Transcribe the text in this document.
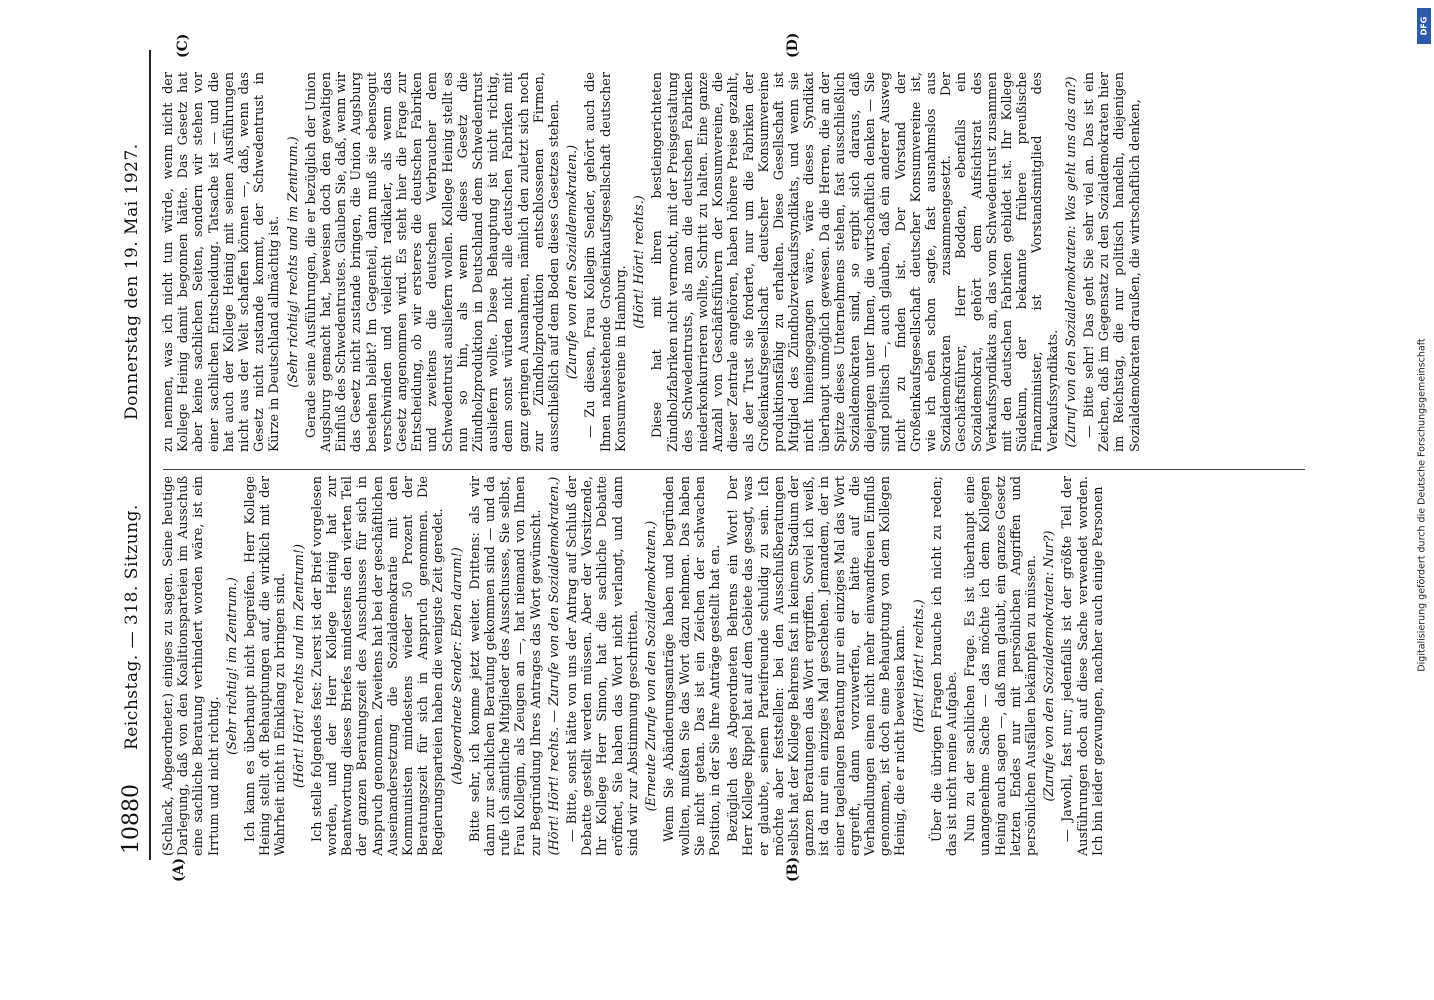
10880
Reichstag. — 318. Sitzung.
Donnerstag den 19. Mai 1927.
(A)	(B)
(C)	(D)

(Schlack, Abgeordneter.) einiges zu sagen. Seine heutige Darlegung, daß von den Koalitionsparteien im Ausschuß eine sachliche Beratung verhindert worden wäre, ist ein Irrtum und nicht richtig.

(Sehr richtig! im Zentrum.) Ich kann es überhaupt nicht begreifen. Herr Kollege Heinig stellt oft Behauptungen auf, die wirklich mit der Wahrheit nicht in Einklang zu bringen sind. (Hört! Hört! rechts und im Zentrum!) Ich stelle folgendes fest: Zuerst ist der Brief vorgelesen worden, und der Herr Kollege Heinig hat zur Beantwortung dieses Briefes mindestens den vierten Teil der ganzen Beratungszeit des Ausschusses für sich in Anspruch genommen. Zweitens hat bei der geschäftlichen Auseinandersetzung die Sozialdemokratie mit den Kommunisten mindestens wieder 50 Prozent der Beratungszeit für sich in Anspruch genommen. Die Regierungsparteien haben die wenigste Zeit geredet. (Abgeordnete Sender: Eben darum!) Bitte sehr, ich komme jetzt weiter. Drittens: als wir dann zur sachlichen Beratung gekommen sind — und da rufe ich sämtliche Mitglieder des Ausschusses, Sie selbst, Frau Kollegin, als Zeugen an —, hat niemand von Ihnen zur Begründung Ihres Antrages das Wort gewünscht. (Hört! Hört! rechts. — Zurufe von den Sozialdemokraten.) — Bitte, sonst hätte von uns der Antrag auf Schluß der Debatte gestellt werden müssen. Aber der Vorsitzende, Ihr Kollege Herr Simon, hat die sachliche Debatte eröffnet, Sie haben das Wort nicht verlangt, und dann sind wir zur Abstimmung geschritten. (Erneute Zurufe von den Sozialdemokraten.) Wenn Sie Abänderungsanträge haben und begründen wollten, mußten Sie das Wort dazu nehmen. Das haben Sie nicht getan. Das ist ein Zeichen der schwachen Position, in der Sie Ihre Anträge gestellt hat en. Bezüglich des Abgeordneten Behrens ein Wort! Der Herr Kollege Rippel hat auf dem Gebiete das gesagt, was er glaubte, seinem Parteifreunde schuldig zu sein. Ich möchte aber feststellen: bei den Ausschußberatungen selbst hat der Kollege Behrens fast in keinem Stadium der ganzen Beratungen das Wort ergriffen. Soviel ich weiß, ist da nur ein einziges Mal geschehen. Jemandem, der in einer tagelangen Beratung nur ein einziges Mal das Wort ergreift, dann vorzuwerfen, er hätte auf die Verhandlungen einen nicht mehr einwandfreien Einfluß genommen, ist doch eine Behauptung von dem Kollegen Heinig, die er nicht beweisen kann. (Hört! Hört! rechts.) Über die übrigen Fragen brauche ich nicht zu reden; das ist nicht meine Aufgabe. Nun zu der sachlichen Frage. Es ist überhaupt eine unangenehme Sache — das möchte ich dem Kollegen Heinig auch sagen —, daß man glaubt, ein ganzes Gesetz letzten Endes nur mit persönlichen Angriffen und persönlichen Ausfällen bekämpfen zu müssen. (Zurufe von den Sozialdemokraten: Nur?) — Jawohl, fast nur; jedenfalls ist der größte Teil der Ausführungen doch auf diese Sache verwendet worden. Ich bin leider gezwungen, nachher auch einige Personen

zu nennen, was ich nicht tun würde, wenn nicht der Kollege Heinig damit begonnen hätte. Das Gesetz hat aber keine sachlichen Seiten, sondern wir stehen vor einer sachlichen Entscheidung. Tatsache ist — und die hat auch der Kollege Heinig mit seinen Ausführungen nicht aus der Welt schaffen können —, daß, wenn das Gesetz nicht zustande kommt, der Schwedentrust in Kürze in Deutschland allmächtig ist. (Sehr richtig! rechts und im Zentrum.) Gerade seine Ausführungen, die er bezüglich der Union Augsburg gemacht hat, beweisen doch den gewaltigen Einfluß des Schwedentrustes. Glauben Sie, daß, wenn wir das Gesetz nicht zustande bringen, die Union Augsburg bestehen bleibt? Im Gegenteil, dann muß sie ebensogut verschwinden und vielleicht radikaler, als wenn das Gesetz angenommen wird. Es steht hier die Frage zur Entscheidung, ob wir ersteres die deutschen Fabriken und zweitens die deutschen Verbraucher dem Schwedentrust ausliefern wollen. Kollege Heinig stellt es nun so hin, als wenn dieses Gesetz die Zündholzproduktion in Deutschland dem Schwedentrust ausliefern wollte. Diese Behauptung ist nicht richtig, denn sonst würden nicht alle deutschen Fabriken mit ganz geringen Ausnahmen, nämlich den zuletzt sich noch zur Zündholzproduktion entschlossenen Firmen, ausschließlich auf dem Boden dieses Gesetzes stehen. (Zurufe von den Sozialdemokraten.) — Zu diesen, Frau Kollegin Sender, gehört auch die Ihnen nahestehende Großeinkaufsgesellschaft deutscher Konsumvereine in Hamburg.

(Hört! Hört! rechts.) Diese hat mit ihren bestleingerichteten Zündholzfabriken nicht vermocht, mit der Preisgestaltung des Schwedentrusts, als man die deutschen Fabriken niederkonkurrieren wollte, Schritt zu halten. Eine ganze Anzahl von Geschäftsführern der Konsumvereine, die dieser Zentrale angehören, haben höhere Preise gezahlt, als der Trust sie forderte, nur um die Fabriken der Großeinkaufsgesellschaft deutscher Konsumvereine produktionsfähig zu erhalten. Diese Gesellschaft ist Mitglied des Zündholzverkaufssyndikats, und wenn sie nicht hineingegangen wäre, wäre dieses Syndikat überhaupt unmöglich gewesen. Da die Herren, die an der Spitze dieses Unternehmens stehen, fast ausschließlich Sozialdemokraten sind, so ergibt sich daraus, daß diejenigen unter Ihnen, die wirtschaftlich denken — Sie sind politisch —, auch glauben, daß ein anderer Ausweg nicht zu finden ist. Der Vorstand der Großeinkaufsgesellschaft deutscher Konsumvereine ist, wie ich eben schon sagte, fast ausnahmslos aus Sozialdemokraten zusammengesetzt. Der Geschäftsführer, Herr Bodden, ebenfalls ein Sozialdemokrat, gehört dem Aufsichtsrat des Verkaufssyndikats an, das vom Schwedentrust zusammen mit den deutschen Fabriken gebildet ist. Ihr Kollege Südekum, der bekannte frühere preußische Finanzminister, ist Vorstandsmitglied des Verkaufssyndikats. (Zuruf von den Sozialdemokraten: Was geht uns das an?) — Bitte sehr! Das geht Sie sehr viel an. Das ist ein Zeichen, daß im Gegensatz zu den Sozialdemokraten hier im Reichstag, die nur politisch handeln, diejenigen Sozialdemokraten draußen, die wirtschaftlich denken,

Digitalisierung gefördert durch die Deutsche Forschungsgemeinschaft
DFG
